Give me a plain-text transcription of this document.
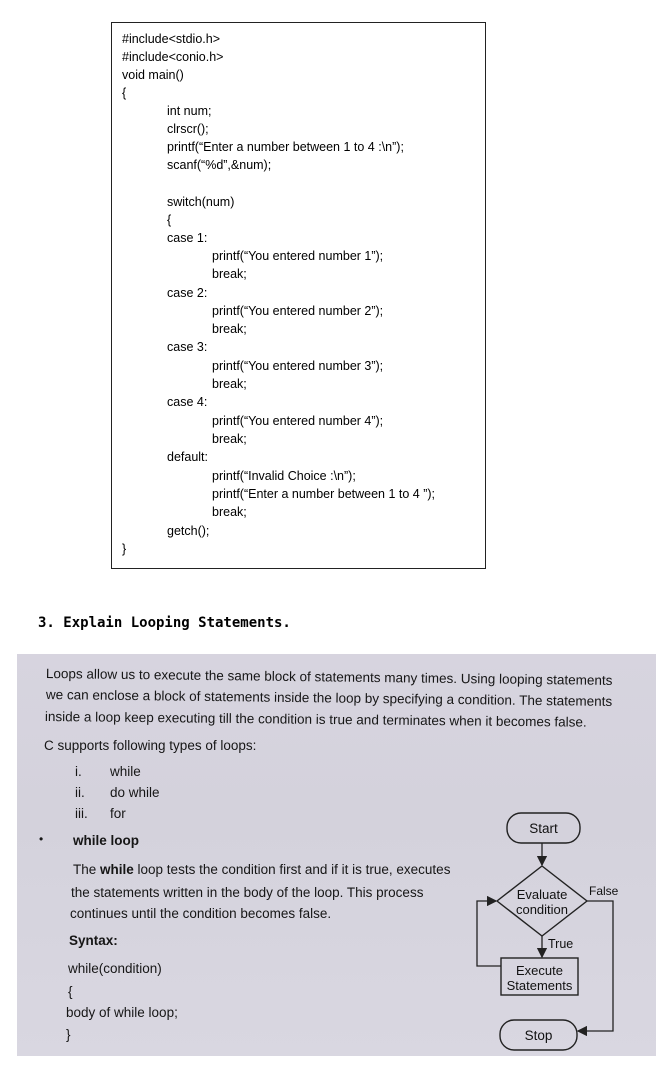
#include<stdio.h>
#include<conio.h>
void main()
{
int num;
clrscr();
printf(“Enter a number between 1 to 4 :\n”);
scanf(“%d”,&num);
switch(num)
{
case 1:
printf(“You entered number 1”);
break;
case 2:
printf(“You entered number 2”);
break;
case 3:
printf(“You entered number 3”);
break;
case 4:
printf(“You entered number 4”);
break;
default:
printf(“Invalid Choice :\n”);
printf(“Enter a number between 1 to 4 ”);
break;
getch();
}
3. Explain Looping Statements.
Loops allow us to execute the same block of statements many times. Using looping statements
we can enclose a block of statements inside the loop by specifying a condition. The statements
inside a loop keep executing till the condition is true and terminates when it becomes false.
C supports following types of loops:
i. while
ii. do while
iii. for
• while loop
The while loop tests the condition first and if it is true, executes
the statements written in the body of the loop. This process
continues until the condition becomes false.
Syntax:
while(condition)
{
body of while loop;
}
Start
Evaluate
condition
False
True
Execute
Statements
Stop
